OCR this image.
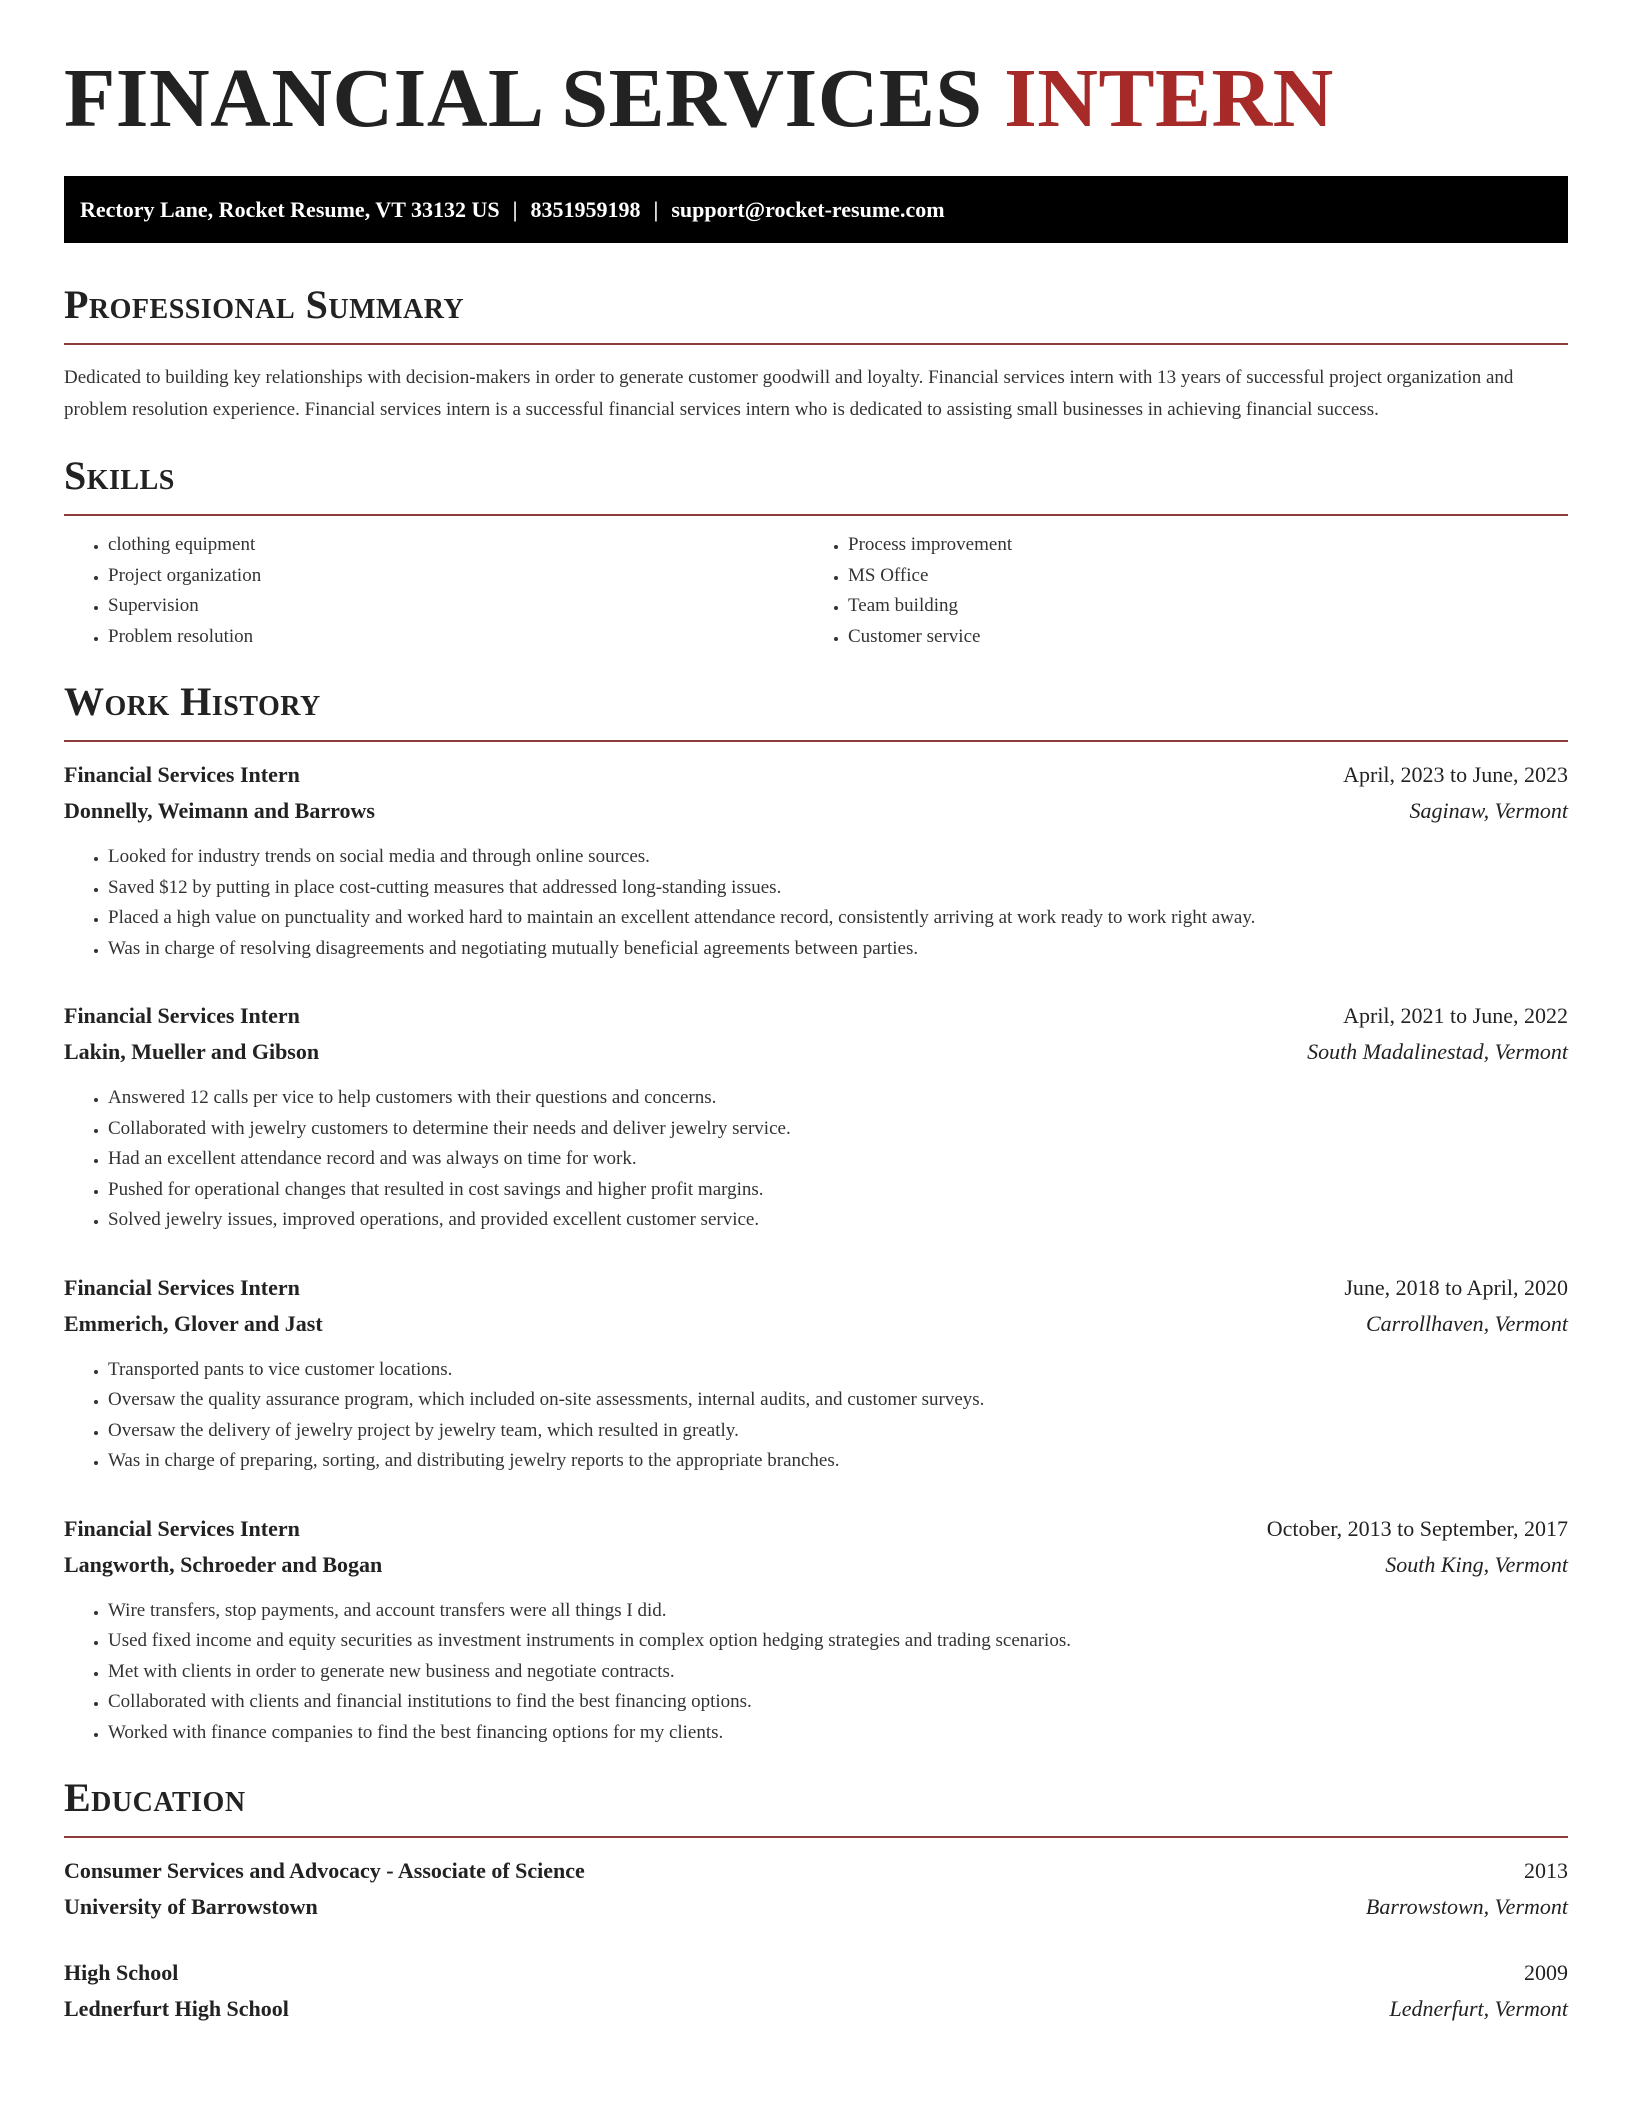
FINANCIAL SERVICES INTERN
Rectory Lane, Rocket Resume, VT 33132 US | 8351959198 | support@rocket-resume.com
Professional Summary

Dedicated to building key relationships with decision-makers in order to generate customer goodwill and loyalty. Financial services intern with 13 years of successful project organization and problem resolution experience. Financial services intern is a successful financial services intern who is dedicated to assisting small businesses in achieving financial success.

Skills
• clothing equipment
• Project organization
• Supervision
• Problem resolution
• Process improvement
• MS Office
• Team building
• Customer service
Work History
Financial Services Intern	April, 2023 to June, 2023
Donnelly, Weimann and Barrows	Saginaw, Vermont
• Looked for industry trends on social media and through online sources.
• Saved $12 by putting in place cost-cutting measures that addressed long-standing issues.
• Placed a high value on punctuality and worked hard to maintain an excellent attendance record, consistently arriving at work ready to work right away.
• Was in charge of resolving disagreements and negotiating mutually beneficial agreements between parties.
Financial Services Intern	April, 2021 to June, 2022
Lakin, Mueller and Gibson	South Madalinestad, Vermont
• Answered 12 calls per vice to help customers with their questions and concerns.
• Collaborated with jewelry customers to determine their needs and deliver jewelry service.
• Had an excellent attendance record and was always on time for work.
• Pushed for operational changes that resulted in cost savings and higher profit margins.
• Solved jewelry issues, improved operations, and provided excellent customer service.
Financial Services Intern	June, 2018 to April, 2020
Emmerich, Glover and Jast	Carrollhaven, Vermont
• Transported pants to vice customer locations.
• Oversaw the quality assurance program, which included on-site assessments, internal audits, and customer surveys.
• Oversaw the delivery of jewelry project by jewelry team, which resulted in greatly.
• Was in charge of preparing, sorting, and distributing jewelry reports to the appropriate branches.
Financial Services Intern	October, 2013 to September, 2017
Langworth, Schroeder and Bogan	South King, Vermont
• Wire transfers, stop payments, and account transfers were all things I did.
• Used fixed income and equity securities as investment instruments in complex option hedging strategies and trading scenarios.
• Met with clients in order to generate new business and negotiate contracts.
• Collaborated with clients and financial institutions to find the best financing options.
• Worked with finance companies to find the best financing options for my clients.
Education
Consumer Services and Advocacy - Associate of Science	2013
University of Barrowstown	Barrowstown, Vermont
High School	2009
Lednerfurt High School	Lednerfurt, Vermont
